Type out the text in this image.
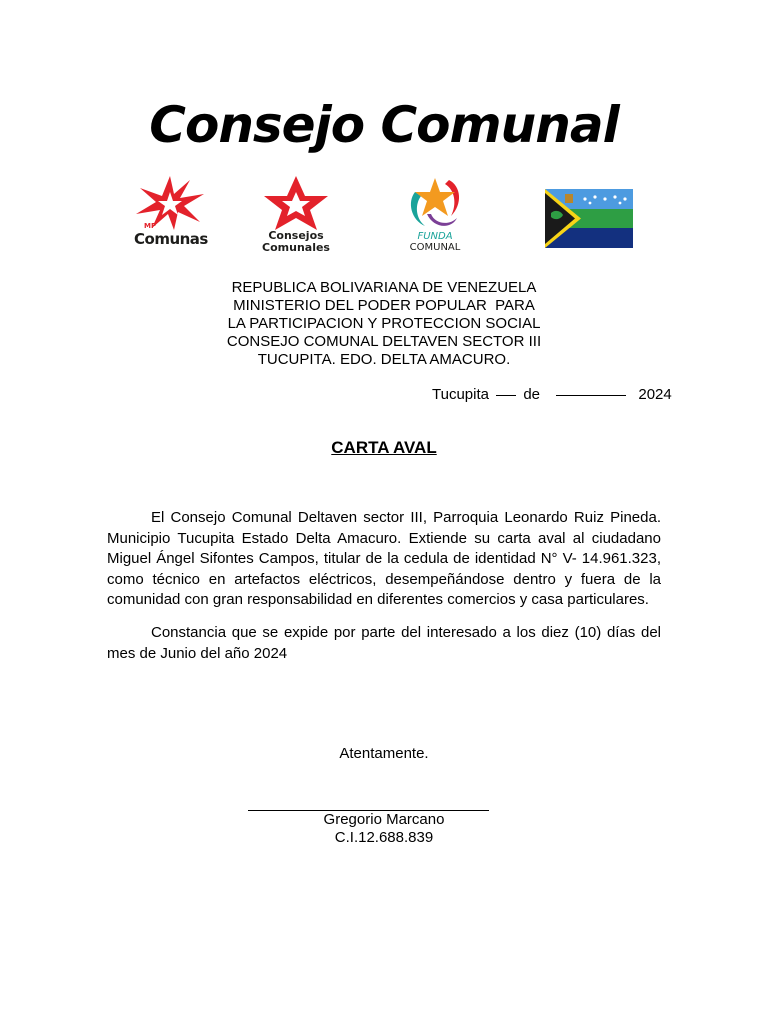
Consejo Comunal
MP
Comunas	Consejos
Comunales
FUNDA
COMUNAL
REPUBLICA BOLIVARIANA DE VENEZUELA
MINISTERIO DEL PODER POPULAR  PARA
LA PARTICIPACION Y PROTECCION SOCIAL
CONSEJO COMUNAL DELTAVEN SECTOR III
TUCUPITA. EDO. DELTA AMACURO.
Tucupita de	2024
CARTA AVAL
El Consejo Comunal Deltaven sector III, Parroquia Leonardo Ruiz Pineda. Municipio Tucupita Estado Delta Amacuro. Extiende su carta aval al ciudadano Miguel Ángel Sifontes Campos, titular de la cedula de identidad N° V- 14.961.323, como técnico en artefactos eléctricos, desempeñándose dentro y fuera de la comunidad con gran responsabilidad en diferentes comercios y casa particulares.
Constancia que se expide por parte del interesado a los diez (10) días del mes de Junio del año 2024
Atentamente.
Gregorio Marcano
C.I.12.688.839
